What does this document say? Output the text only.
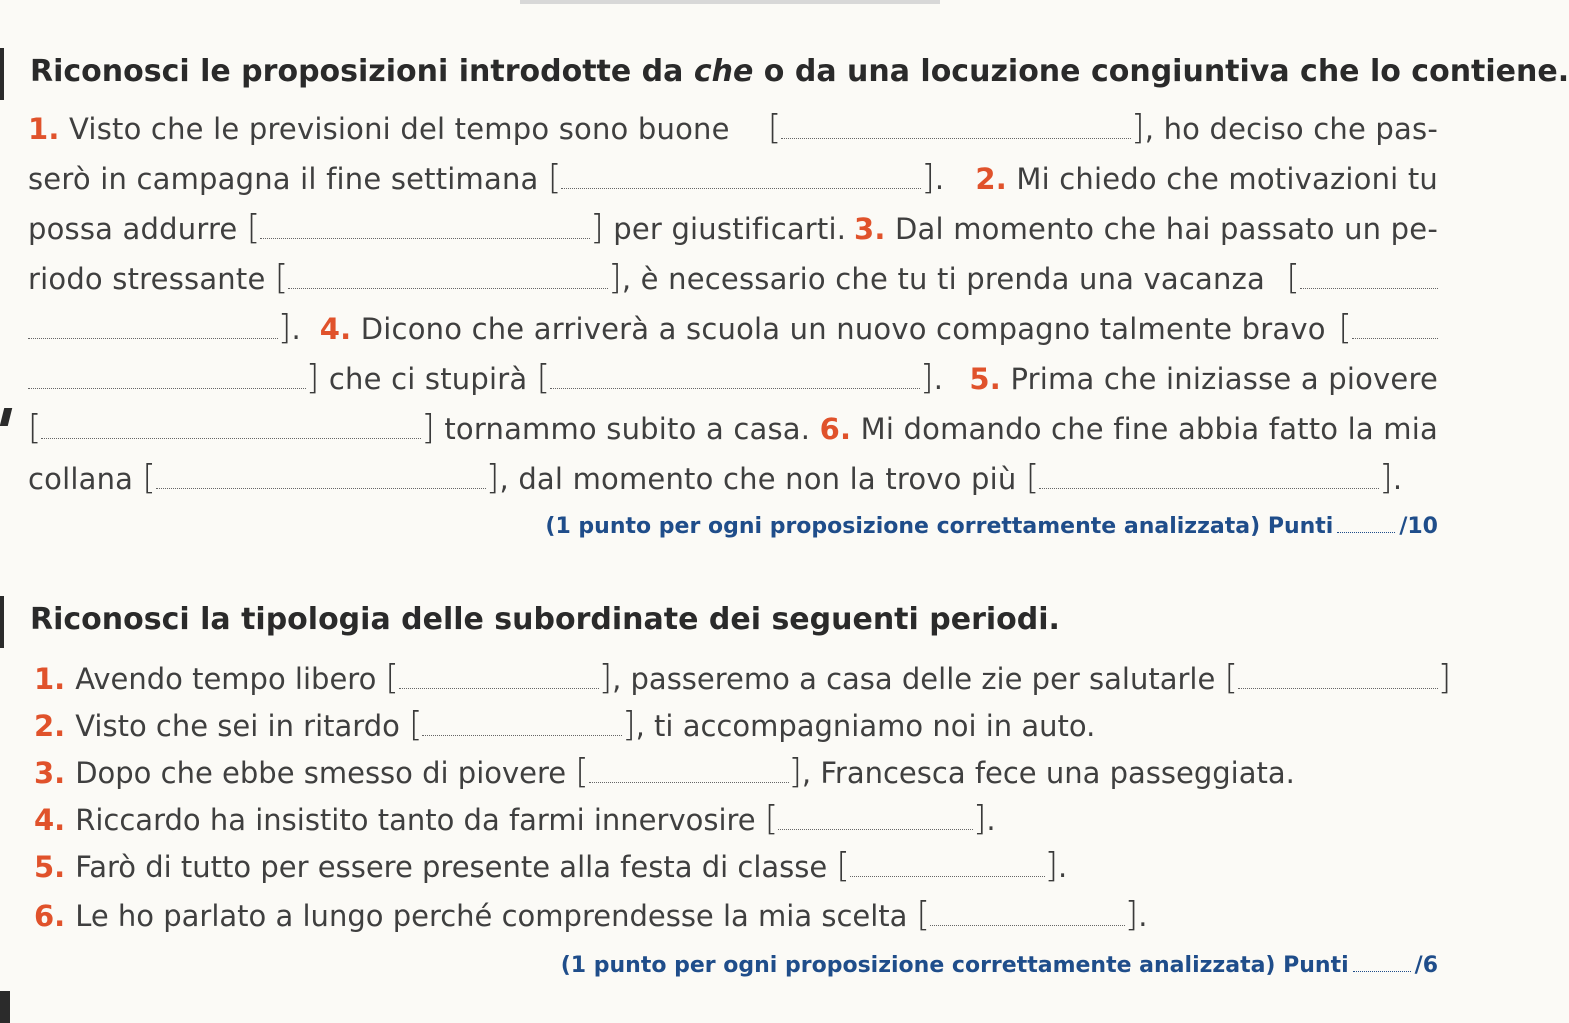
Riconosci le proposizioni introdotte da che o da una locuzione congiuntiva che lo contiene.
1. Visto che le previsioni del tempo sono buone [	], ho deciso che pas-
serò in campagna il fine settimana [	]. 2. Mi chiedo che motivazioni tu
possa addurre [	] per giustificarti. 3. Dal momento che hai passato un pe-
riodo stressante [	], è necessario che tu ti prenda una vacanza [
].  4. Dicono che arriverà a scuola un nuovo compagno talmente bravo [
] che ci stupirà [	]. 5. Prima che iniziasse a piovere
[	] tornammo subito a casa. 6. Mi domando che fine abbia fatto la mia
collana [	], dal momento che non la trovo più [	].
(1 punto per ogni proposizione correttamente analizzata) Punti	/10
Riconosci la tipologia delle subordinate dei seguenti periodi.
1. Avendo tempo libero [	], passeremo a casa delle zie per salutarle [	]
2. Visto che sei in ritardo [	], ti accompagniamo noi in auto.
3. Dopo che ebbe smesso di piovere [	], Francesca fece una passeggiata.
4. Riccardo ha insistito tanto da farmi innervosire [	].
5. Farò di tutto per essere presente alla festa di classe [	].
6. Le ho parlato a lungo perché comprendesse la mia scelta [	].
(1 punto per ogni proposizione correttamente analizzata) Punti	/6
